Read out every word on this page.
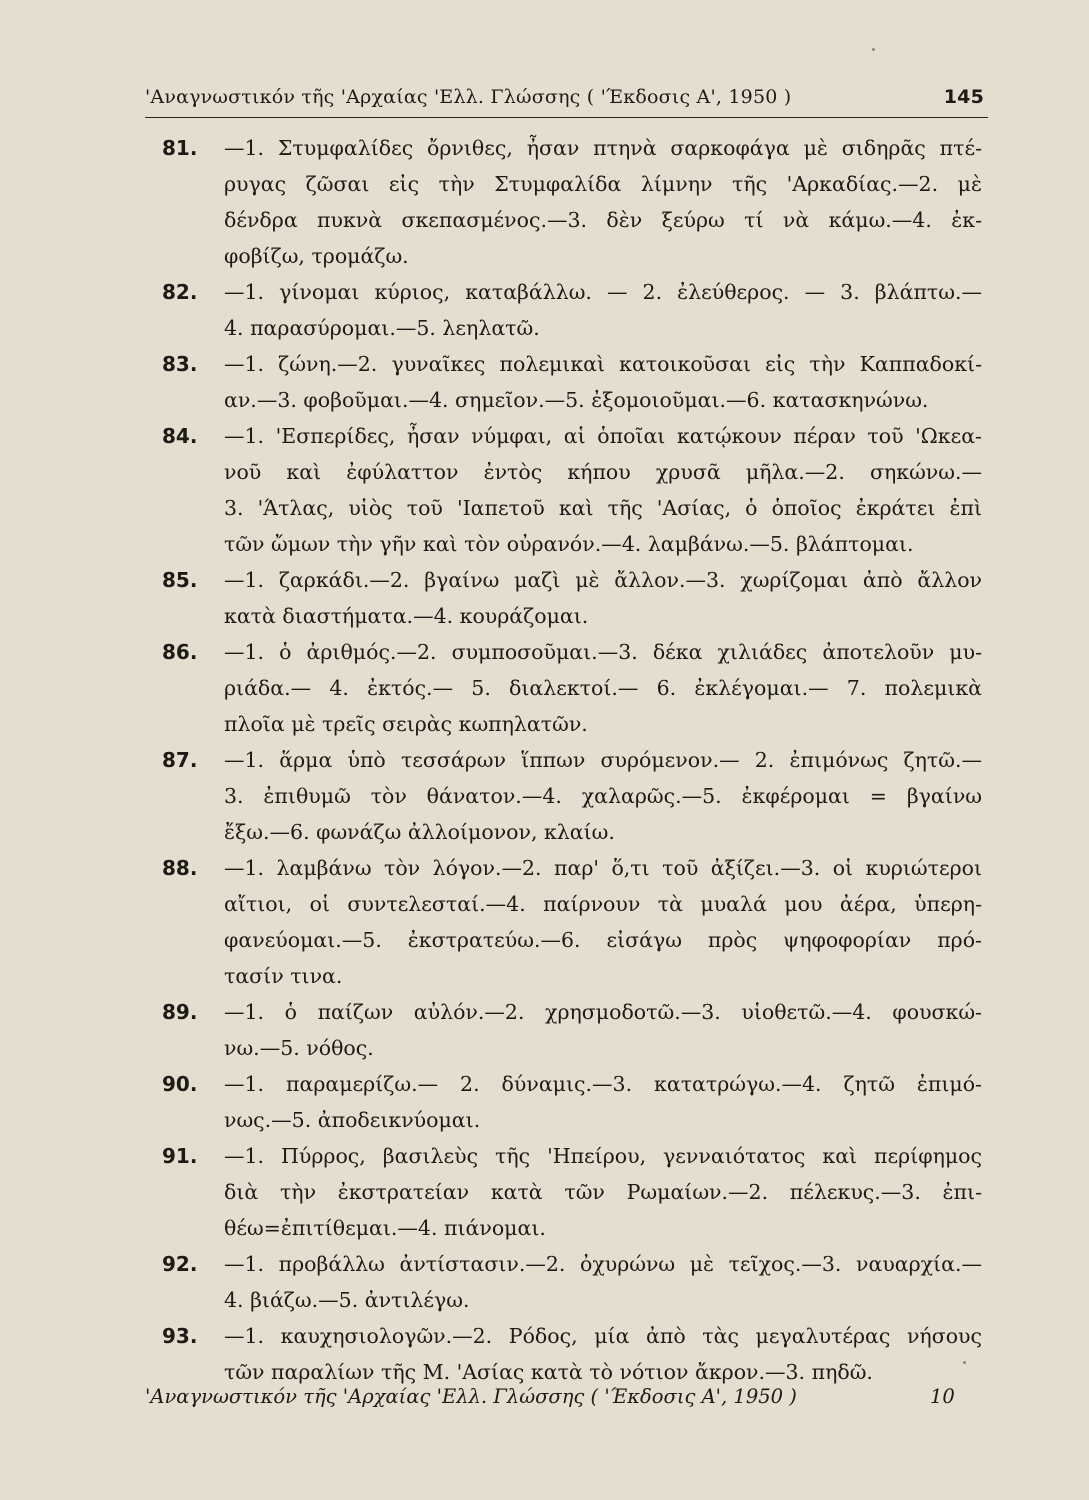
'Αναγνωστικόν τῆς 'Αρχαίας 'Ελλ. Γλώσσης ( 'Έκδοσις Α', 1950 )	145
81.	—1. Στυμφαλίδες ὄρνιθες, ἦσαν πτηνὰ σαρκοφάγα μὲ σιδηρᾶς πτέ-
ρυγας ζῶσαι εἰς τὴν Στυμφαλίδα λίμνην τῆς 'Αρκαδίας.—2. μὲ
δένδρα πυκνὰ σκεπασμένος.—3. δὲν ξεύρω τί νὰ κάμω.—4. ἐκ-
φοβίζω, τρομάζω.
82.	—1. γίνομαι κύριος, καταβάλλω. — 2. ἐλεύθερος. — 3. βλάπτω.—
4. παρασύρομαι.—5. λεηλατῶ.
83.	—1. ζώνη.—2. γυναῖκες πολεμικαὶ κατοικοῦσαι εἰς τὴν Καππαδοκί-
αν.—3. φοβοῦμαι.—4. σημεῖον.—5. ἐξομοιοῦμαι.—6. κατασκηνώνω.
84.	—1. 'Εσπερίδες, ἦσαν νύμφαι, αἱ ὁποῖαι κατῴκουν πέραν τοῦ 'Ωκεα-
νοῦ καὶ ἐφύλαττον ἐντὸς κήπου χρυσᾶ μῆλα.—2. σηκώνω.—
3. 'Άτλας, υἱὸς τοῦ 'Ιαπετοῦ καὶ τῆς 'Ασίας, ὁ ὁποῖος ἐκράτει ἐπὶ
τῶν ὤμων τὴν γῆν καὶ τὸν οὐρανόν.—4. λαμβάνω.—5. βλάπτομαι.
85.	—1. ζαρκάδι.—2. βγαίνω μαζὶ μὲ ἄλλον.—3. χωρίζομαι ἀπὸ ἄλλον
κατὰ διαστήματα.—4. κουράζομαι.
86.	—1. ὁ ἀριθμός.—2. συμποσοῦμαι.—3. δέκα χιλιάδες ἀποτελοῦν μυ-
ριάδα.— 4. ἐκτός.— 5. διαλεκτοί.— 6. ἐκλέγομαι.— 7. πολεμικὰ
πλοῖα μὲ τρεῖς σειρὰς κωπηλατῶν.
87.	—1. ἅρμα ὑπὸ τεσσάρων ἵππων συρόμενον.— 2. ἐπιμόνως ζητῶ.—
3. ἐπιθυμῶ τὸν θάνατον.—4. χαλαρῶς.—5. ἐκφέρομαι = βγαίνω
ἔξω.—6. φωνάζω ἀλλοίμονον, κλαίω.
88.	—1. λαμβάνω τὸν λόγον.—2. παρ' ὅ,τι τοῦ ἀξίζει.—3. οἱ κυριώτεροι
αἴτιοι, οἱ συντελεσταί.—4. παίρνουν τὰ μυαλά μου ἀέρα, ὑπερη-
φανεύομαι.—5. ἐκστρατεύω.—6. εἰσάγω πρὸς ψηφοφορίαν πρό-
τασίν τινα.
89.	—1. ὁ παίζων αὐλόν.—2. χρησμοδοτῶ.—3. υἱοθετῶ.—4. φουσκώ-
νω.—5. νόθος.
90.	—1. παραμερίζω.— 2. δύναμις.—3. κατατρώγω.—4. ζητῶ ἐπιμό-
νως.—5. ἀποδεικνύομαι.
91.	—1. Πύρρος, βασιλεὺς τῆς 'Ηπείρου, γενναιότατος καὶ περίφημος
διὰ τὴν ἐκστρατείαν κατὰ τῶν Ρωμαίων.—2. πέλεκυς.—3. ἐπι-
θέω=ἐπιτίθεμαι.—4. πιάνομαι.
92.	—1. προβάλλω ἀντίστασιν.—2. ὀχυρώνω μὲ τεῖχος.—3. ναυαρχία.—
4. βιάζω.—5. ἀντιλέγω.
93.	—1. καυχησιολογῶν.—2. Ρόδος, μία ἀπὸ τὰς μεγαλυτέρας νήσους
τῶν παραλίων τῆς Μ. 'Ασίας κατὰ τὸ νότιον ἄκρον.—3. πηδῶ.
'Αναγνωστικόν τῆς 'Αρχαίας 'Ελλ. Γλώσσης ( 'Έκδοσις Α', 1950 )	10
